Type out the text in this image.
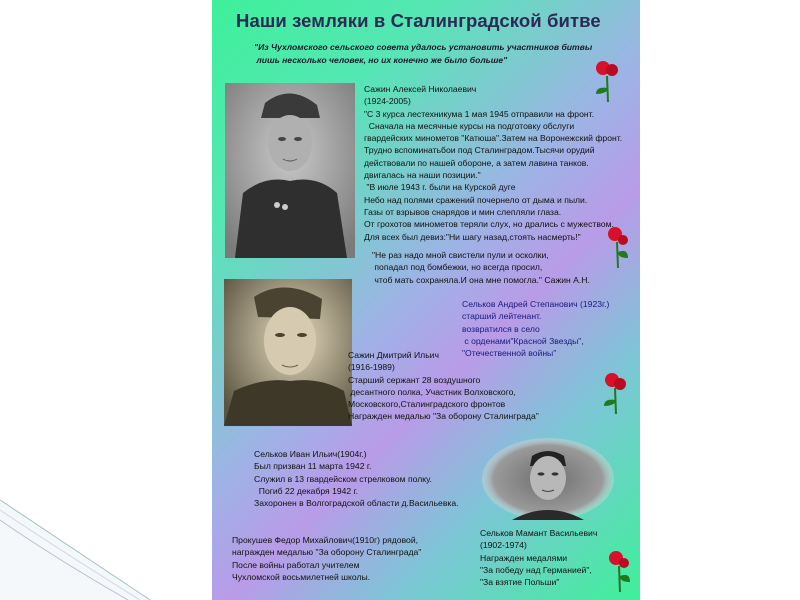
Наши земляки в Сталинградской битве
"Из Чухломского сельского совета удалось установить участников битвы
лишь несколько человек, но их конечно же было больше"
Сажин Алексей Николаевич
(1924-2005)
"С 3 курса лестехникума 1 мая 1945 отправили на фронт.
Сначала на месячные курсы на подготовку обслуги
гвардейских минометов "Катюша".Затем на Воронежский фронт.
Трудно вспоминатьбои под Сталинградом.Тысячи орудий
действовали по нашей обороне, а затем лавина танков.
двигалась на наши позиции."
"В июле 1943 г. были на Курской дуге
Небо над полями сражений почернело от дыма и пыли.
Газы от взрывов снарядов и мин слепляли глаза.
От грохотов минометов теряли слух, но дрались с мужеством.
Для всех был девиз:"Ни шагу назад,стоять насмерть!"
"Не раз надо мной свистели пули и осколки,
попадал под бомбежки, но всегда просил,
чтоб мать сохраняла.И она мне помогла." Сажин А.Н.
Сельков Андрей Степанович (1923г.)
старший лейтенант.
возвратился в село
с орденами"Красной Звезды",
"Отечественной войны"
Сажин Дмитрий Ильич
(1916-1989)
Старший сержант 28 воздушного
десантного полка, Участник Волховского,
Московского,Сталинградского фронтов
Награжден медалью "За оборону Сталинграда"
Сельков Иван Ильич(1904г.)
Был призван 11 марта 1942 г.
Служил в 13 гвардейском стрелковом полку.
Погиб 22 декабря 1942 г.
Захоронен в Волгоградской области д.Васильевка.
Прокушев Федор Михайлович(1910г) рядовой,
награжден медалью "За оборону Сталинграда"
После войны работал учителем
Чухломской восьмилетней школы.
Сельков Мамант Васильевич
(1902-1974)
Награжден медалями
"За победу над Германией",
"За взятие Польши"
